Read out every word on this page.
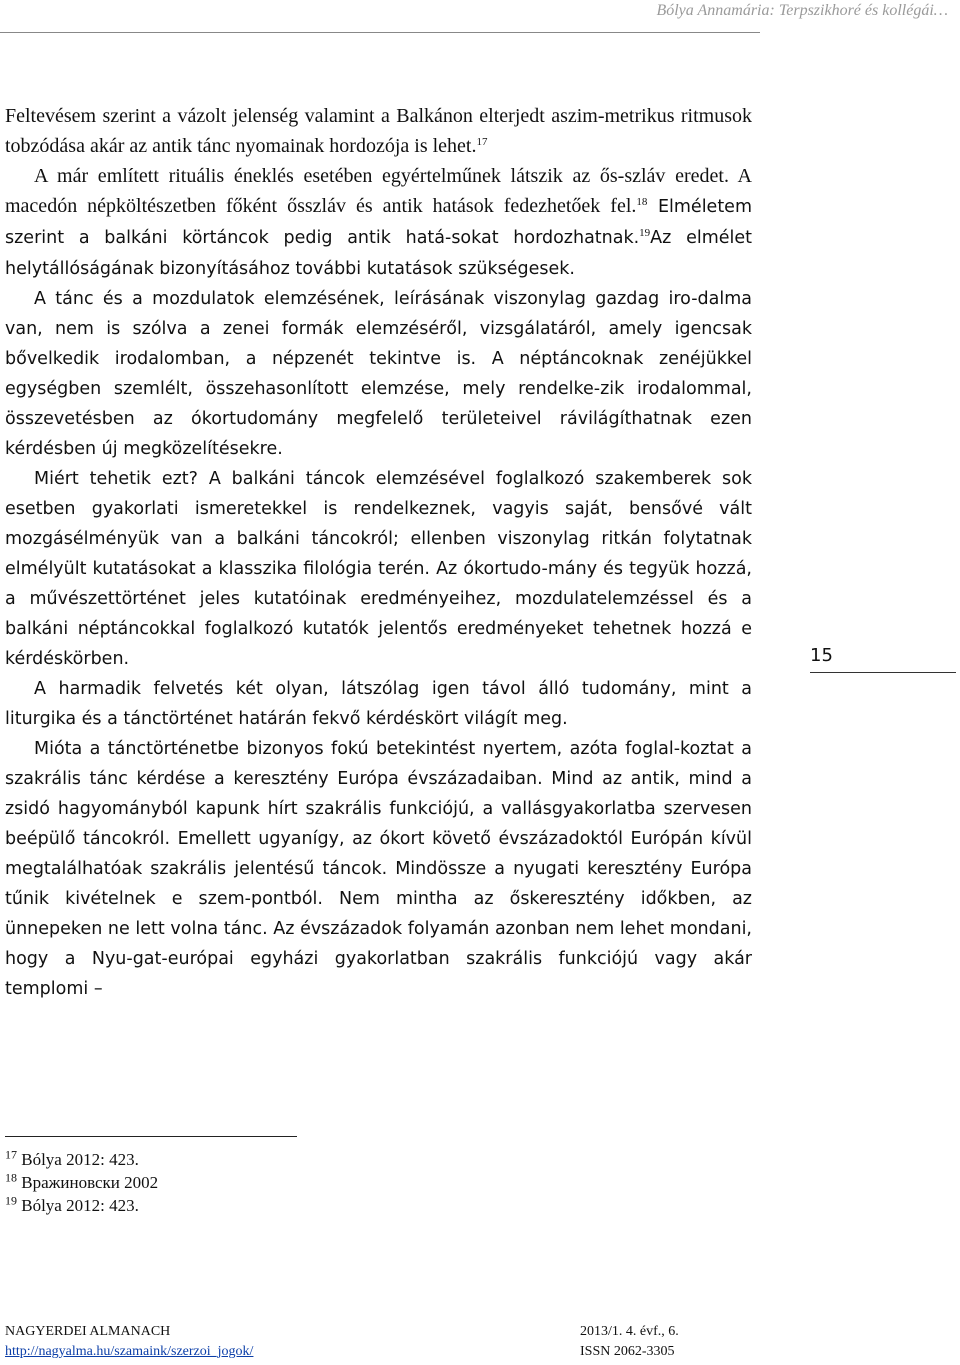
Bólya Annamária: Terpszikhoré és kollégái…

Feltevésem szerint a vázolt jelenség valamint a Balkánon elterjedt aszim-metrikus ritmusok tobzódása akár az antik tánc nyomainak hordozója is lehet.$^{17}$

A már említett rituális éneklés esetében egyértelműnek látszik az ős-szláv eredet. A macedón népköltészetben főként ősszláv és antik hatások fedezhetőek fel.$^{18}$ Elméletem szerint a balkáni körtáncok pedig antik hatá-sokat hordozhatnak.$^{19}$Az elmélet helytállóságának bizonyításához további kutatások szükségesek.

A tánc és a mozdulatok elemzésének, leírásának viszonylag gazdag iro-dalma van, nem is szólva a zenei formák elemzéséről, vizsgálatáról, amely igencsak bővelkedik irodalomban, a népzenét tekintve is. A néptáncoknak zenéjükkel egységben szemlélt, összehasonlított elemzése, mely rendelke-zik irodalommal, összevetésben az ókortudomány megfelelő területeivel rávilágíthatnak ezen kérdésben új megközelítésekre.

Miért tehetik ezt? A balkáni táncok elemzésével foglalkozó szakemberek sok esetben gyakorlati ismeretekkel is rendelkeznek, vagyis saját, bensővé vált mozgásélményük van a balkáni táncokról; ellenben viszonylag ritkán folytatnak elmélyült kutatásokat a klasszika filológia terén. Az ókortudo-mány és tegyük hozzá, a művészettörténet jeles kutatóinak eredményeihez, mozdulatelemzéssel és a balkáni néptáncokkal foglalkozó kutatók jelentős eredményeket tehetnek hozzá e kérdéskörben.

A harmadik felvetés két olyan, látszólag igen távol álló tudomány, mint a liturgika és a tánctörténet határán fekvő kérdéskört világít meg.

Mióta a tánctörténetbe bizonyos fokú betekintést nyertem, azóta foglal-koztat a szakrális tánc kérdése a keresztény Európa évszázadaiban. Mind az antik, mind a zsidó hagyományból kapunk hírt szakrális funkciójú, a vallásgyakorlatba szervesen beépülő táncokról. Emellett ugyanígy, az ókort követő évszázadoktól Európán kívül megtalálhatóak szakrális jelentésű táncok. Mindössze a nyugati keresztény Európa tűnik kivételnek e szem-pontból. Nem mintha az őskeresztény időkben, az ünnepeken ne lett volna tánc. Az évszázadok folyamán azonban nem lehet mondani, hogy a Nyu-gat-európai egyházi gyakorlatban szakrális funkciójú vagy akár templomi –

15
$^{17}$ Bólya 2012: 423.
$^{18}$ Вражиновски 2002
$^{19}$ Bólya 2012: 423.
NAGYERDEI ALMANACH	2013/1. 4. évf., 6.
http://nagyalma.hu/szamaink/szerzoi_jogok/	ISSN 2062-3305
